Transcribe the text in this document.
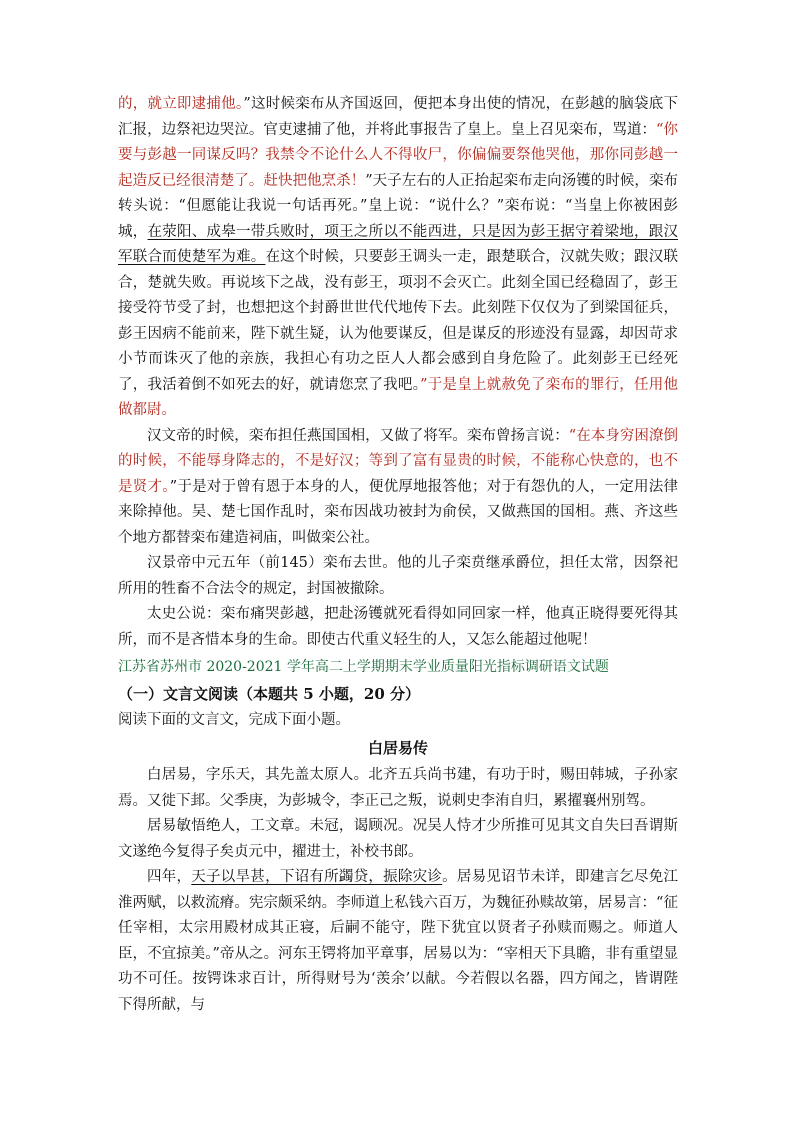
的，就立即逮捕他。”这时候栾布从齐国返回，便把本身出使的情况，在彭越的脑袋底下汇报，边祭祀边哭泣。官吏逮捕了他，并将此事报告了皇上。皇上召见栾布，骂道：“你要与彭越一同谋反吗？我禁令不论什么人不得收尸，你偏偏要祭他哭他，那你同彭越一起造反已经很清楚了。赶快把他烹杀！”天子左右的人正抬起栾布走向汤镬的时候，栾布转头说：“但愿能让我说一句话再死。”皇上说：“说什么？”栾布说：“当皇上你被困彭城，在荥阳、成皋一带兵败时，项王之所以不能西进，只是因为彭王据守着梁地，跟汉军联合而使楚军为难。在这个时候，只要彭王调头一走，跟楚联合，汉就失败；跟汉联合，楚就失败。再说垓下之战，没有彭王，项羽不会灭亡。此刻全国已经稳固了，彭王接受符节受了封，也想把这个封爵世世代代地传下去。此刻陛下仅仅为了到梁国征兵，彭王因病不能前来，陛下就生疑，认为他要谋反，但是谋反的形迹没有显露，却因苛求小节而诛灭了他的亲族，我担心有功之臣人人都会感到自身危险了。此刻彭王已经死了，我活着倒不如死去的好，就请您烹了我吧。”于是皇上就赦免了栾布的罪行，任用他做都尉。

汉文帝的时候，栾布担任燕国国相，又做了将军。栾布曾扬言说：“在本身穷困潦倒的时候，不能辱身降志的，不是好汉；等到了富有显贵的时候，不能称心快意的，也不是贤才。”于是对于曾有恩于本身的人，便优厚地报答他；对于有怨仇的人，一定用法律来除掉他。吴、楚七国作乱时，栾布因战功被封为俞侯，又做燕国的国相。燕、齐这些个地方都替栾布建造祠庙，叫做栾公社。

汉景帝中元五年（前145）栾布去世。他的儿子栾贲继承爵位，担任太常，因祭祀所用的牲畜不合法令的规定，封国被撤除。

太史公说：栾布痛哭彭越，把赴汤镬就死看得如同回家一样，他真正晓得要死得其所，而不是吝惜本身的生命。即使古代重义轻生的人，又怎么能超过他呢！

江苏省苏州市 2020-2021 学年高二上学期期末学业质量阳光指标调研语文试题

（一）文言文阅读（本题共 5 小题，20 分）

阅读下面的文言文，完成下面小题。

白居易传

白居易，字乐天，其先盖太原人。北齐五兵尚书建，有功于时，赐田韩城，子孙家焉。又徙下邽。父季庚，为彭城令，李正己之叛，说刺史李洧自归，累擢襄州别驾。

居易敏悟绝人，工文章。未冠，谒顾况。况吴人恃才少所推可见其文自失曰吾谓斯文遂绝今复得子矣贞元中，擢进士，补校书郎。

四年，天子以旱甚，下诏有所蠲贷，振除灾诊。居易见诏节未详，即建言乞尽免江淮两赋，以救流瘠。宪宗颇采纳。李师道上私钱六百万，为魏征孙赎故第，居易言：“征任宰相，太宗用殿材成其正寝，后嗣不能守，陛下犹宜以贤者子孙赎而赐之。师道人臣，不宜掠美。”帝从之。河东王锷将加平章事，居易以为：“宰相天下具瞻，非有重望显功不可任。按锷诛求百计，所得财号为‘羡余’以献。今若假以名器，四方闻之，皆谓陛下得所献，与
